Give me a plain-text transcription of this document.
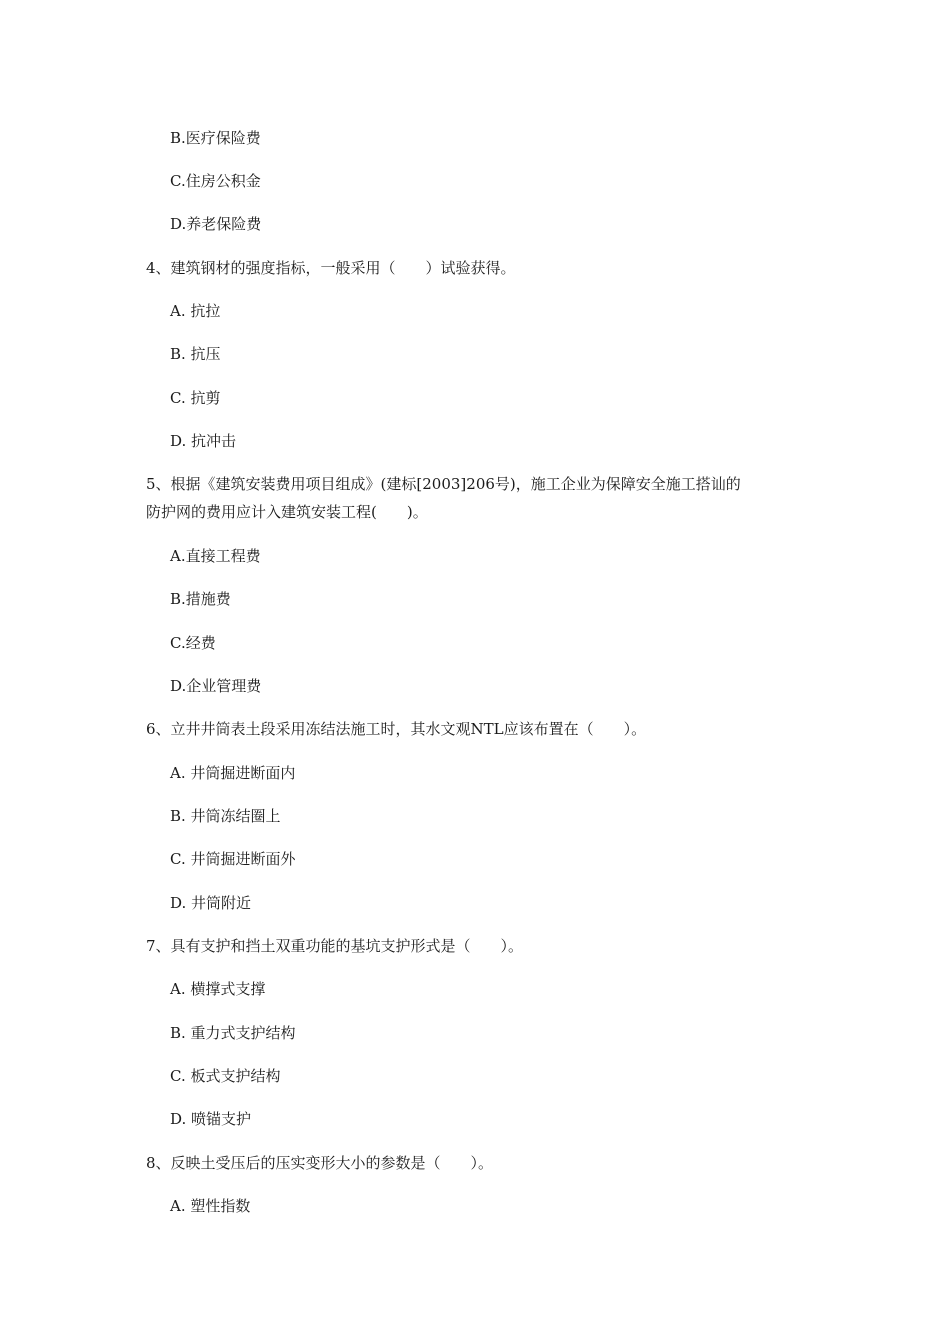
B.医疗保险费
C.住房公积金
D.养老保险费
4、建筑钢材的强度指标，一般采用（　　）试验获得。
A. 抗拉
B. 抗压
C. 抗剪
D. 抗冲击
5、根据《建筑安装费用项目组成》(建标[2003]206号)，施工企业为保障安全施工搭讪的
防护网的费用应计入建筑安装工程(　　)。
A.直接工程费
B.措施费
C.经费
D.企业管理费
6、立井井筒表土段采用冻结法施工时，其水文观NTL应该布置在（　　）。
A. 井筒掘进断面内
B. 井筒冻结圈上
C. 井筒掘进断面外
D. 井筒附近
7、具有支护和挡土双重功能的基坑支护形式是（　　）。
A. 横撑式支撑
B. 重力式支护结构
C. 板式支护结构
D. 喷锚支护
8、反映土受压后的压实变形大小的参数是（　　）。
A. 塑性指数
